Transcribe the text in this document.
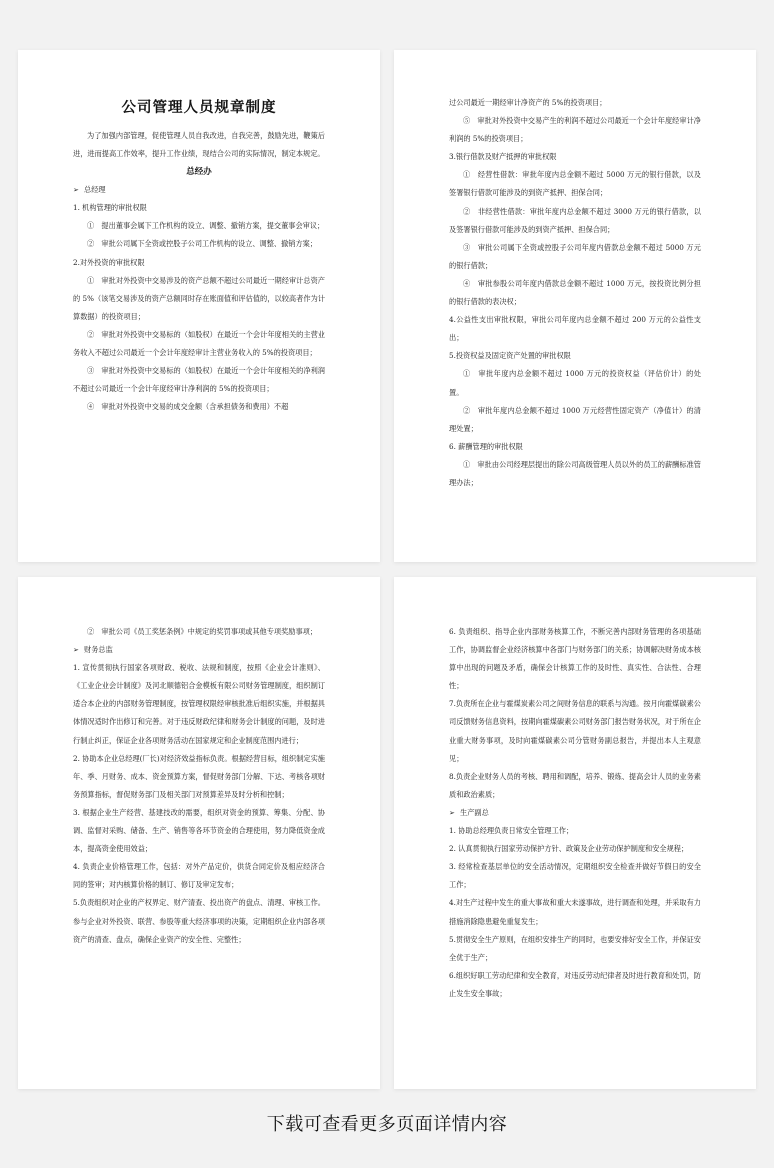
公司管理人员规章制度

为了加强内部管理，促使管理人员自我改进，自我完善，鼓励先进，鞭策后进，进而提高工作效率，提升工作业绩，现结合公司的实际情况，制定本规定。

总经办

➢ 总经理

1. 机构管理的审批权限

①　提出董事会属下工作机构的设立、调整、撤销方案，提交董事会审议；

②　审批公司属下全资或控股子公司工作机构的设立、调整、撤销方案；

2.对外投资的审批权限

①　审批对外投资中交易涉及的资产总额不超过公司最近一期经审计总资产的 5%（该笔交易涉及的资产总额同时存在账面值和评估值的，以较高者作为计算数据）的投资项目；

②　审批对外投资中交易标的（如股权）在最近一个会计年度相关的主营业务收入不超过公司最近一个会计年度经审计主营业务收入的 5%的投资项目；

③　审批对外投资中交易标的（如股权）在最近一个会计年度相关的净利润不超过公司最近一个会计年度经审计净利润的 5%的投资项目；

④　审批对外投资中交易的成交金额（含承担债务和费用）不超

过公司最近一期经审计净资产的 5%的投资项目；

⑤　审批对外投资中交易产生的利润不超过公司最近一个会计年度经审计净利润的 5%的投资项目；

3.银行借款及财产抵押的审批权限

①　经营性借款：审批年度内总金额不超过 5000 万元的银行借款，以及签署银行借款可能涉及的到资产抵押、担保合同；

②　非经营性借款：审批年度内总金额不超过 3000 万元的银行借款，以及签署银行借款可能涉及的到资产抵押、担保合同；

③　审批公司属下全资或控股子公司年度内借款总金额不超过 5000 万元的银行借款；

④　审批参股公司年度内借款总金额不超过 1000 万元，按投资比例分担的银行借款的表决权；

4.公益性支出审批权限，审批公司年度内总金额不超过 200 万元的公益性支出；

5.投资权益及固定资产处置的审批权限

①　审批年度内总金额不超过 1000 万元的投资权益（评估价计）的处置。

②　审批年度内总金额不超过 1000 万元经营性固定资产（净值计）的清理处置；

6. 薪酬管理的审批权限

①　审批由公司经理层提出的除公司高级管理人员以外的员工的薪酬标准管理办法；

②　审批公司《员工奖惩条例》中规定的奖罚事项或其他专项奖励事项；

➢ 财务总监

1. 宣传贯彻执行国家各项财政、税收、法规和制度，按照《企业会计准则》、《工业企业会计制度》及河北顺德铝合金模板有限公司财务管理制度，组织制订适合本企业的内部财务管理制度，按管理权限经审核批准后组织实施，并根据具体情况适时作出修订和完善。对于违反财政纪律和财务会计制度的问题，及时进行制止纠正，保证企业各项财务活动在国家规定和企业制度范围内进行；

2. 协助本企业总经理(厂长)对经济效益指标负责。根据经营目标，组织制定实施年、季、月财务、成本、资金预算方案，督促财务部门分解、下达、考核各项财务预算指标，督促财务部门及相关部门对预算差异及时分析和控制；

3. 根据企业生产经营、基建技改的需要，组织对资金的预算、筹集、分配、协调、监督对采购、储备、生产、销售等各环节资金的合理使用，努力降低资金成本，提高资金使用效益；

4. 负责企业价格管理工作，包括：对外产品定价，供货合同定价及相应经济合同的签审；对内核算价格的制订、修订及审定发布；

5.负责组织对企业的产权界定、财产清查、投出资产的盘点、清理、审核工作。参与企业对外投资、联营、参股等重大经济事项的决策，定期组织企业内部各项资产的清查、盘点，确保企业资产的安全性、完整性；

6. 负责组织、指导企业内部财务核算工作，不断完善内部财务管理的各项基础工作，协调监督企业经济核算中各部门与财务部门的关系；协调解决财务成本核算中出现的问题及矛盾，确保会计核算工作的及时性、真实性、合法性、合理性；

7.负责所在企业与霍煤炭素公司之间财务信息的联系与沟通。按月向霍煤碳素公司反馈财务信息资料，按期向霍煤碳素公司财务部门报告财务状况，对于所在企业重大财务事项，及时向霍煤碳素公司分管财务副总报告，并提出本人主观意见；

8.负责企业财务人员的考核、聘用和调配，培养、锻炼、提高会计人员的业务素质和政治素质；

➢ 生产副总

1. 协助总经理负责日常安全管理工作；

2. 认真贯彻执行国家劳动保护方针、政策及企业劳动保护制度和安全规程；

3. 经常检查基层单位的安全活动情况，定期组织安全检查并做好节假日的安全工作；

4.对生产过程中发生的重大事故和重大未遂事故，进行调查和处理，并采取有力措施消除隐患避免重复发生；

5.贯彻安全生产原则，在组织安排生产的同时，也要安排好安全工作，并保证安全优于生产；

6.组织好职工劳动纪律和安全教育，对违反劳动纪律者及时进行教育和处罚，防止发生安全事故；

下载可查看更多页面详情内容
